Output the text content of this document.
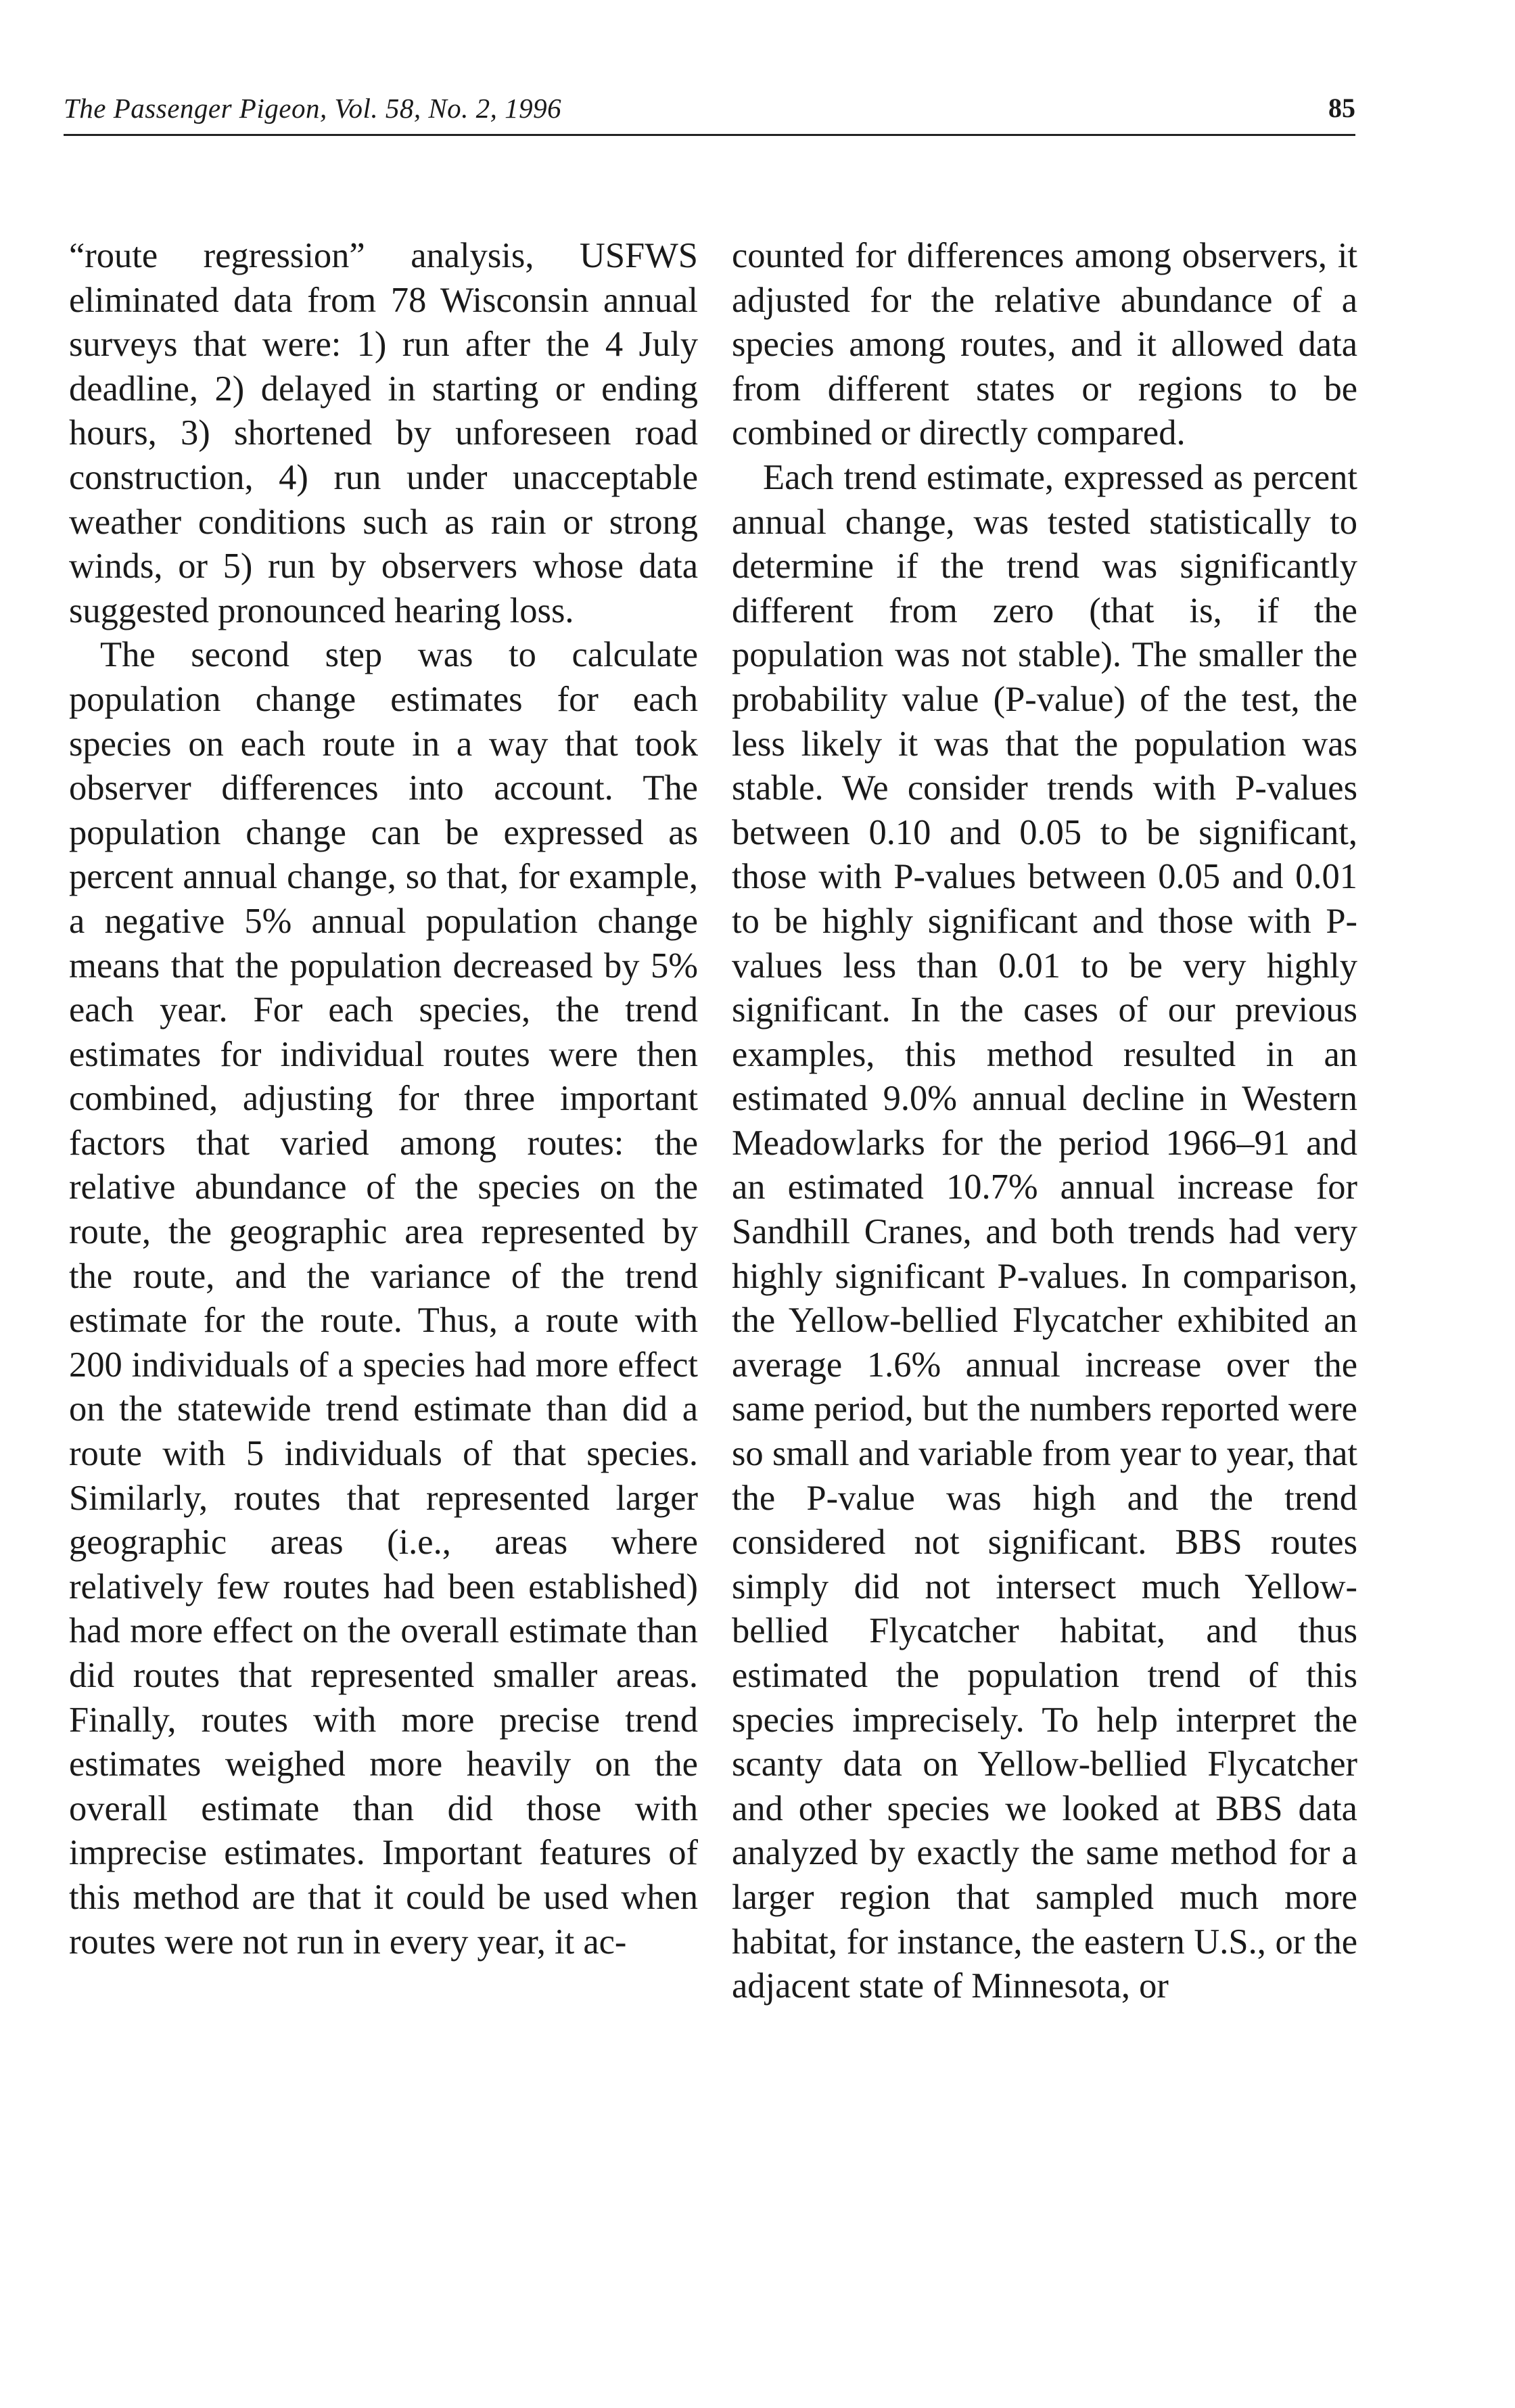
The Passenger Pigeon, Vol. 58, No. 2, 1996	85

“route regression” analysis, USFWS eliminated data from 78 Wisconsin annual surveys that were: 1) run after the 4 July deadline, 2) delayed in starting or ending hours, 3) shortened by unforeseen road construction, 4) run under unacceptable weather conditions such as rain or strong winds, or 5) run by observers whose data suggested pronounced hearing loss.

The second step was to calculate population change estimates for each species on each route in a way that took observer differences into account. The population change can be expressed as percent annual change, so that, for example, a negative 5% annual population change means that the population decreased by 5% each year. For each species, the trend estimates for individual routes were then combined, adjusting for three important factors that varied among routes: the relative abundance of the species on the route, the geographic area represented by the route, and the variance of the trend estimate for the route. Thus, a route with 200 individuals of a species had more effect on the statewide trend estimate than did a route with 5 individuals of that species. Similarly, routes that represented larger geographic areas (i.e., areas where relatively few routes had been established) had more effect on the overall estimate than did routes that represented smaller areas. Finally, routes with more precise trend estimates weighed more heavily on the overall estimate than did those with imprecise estimates. Important features of this method are that it could be used when routes were not run in every year, it ac-

counted for differences among observers, it adjusted for the relative abundance of a species among routes, and it allowed data from different states or regions to be combined or directly compared.

Each trend estimate, expressed as percent annual change, was tested statistically to determine if the trend was significantly different from zero (that is, if the population was not stable). The smaller the probability value (P-value) of the test, the less likely it was that the population was stable. We consider trends with P-values between 0.10 and 0.05 to be significant, those with P-values between 0.05 and 0.01 to be highly significant and those with P-values less than 0.01 to be very highly significant. In the cases of our previous examples, this method resulted in an estimated 9.0% annual decline in Western Meadowlarks for the period 1966–91 and an estimated 10.7% annual increase for Sandhill Cranes, and both trends had very highly significant P-values. In comparison, the Yellow-bellied Flycatcher exhibited an average 1.6% annual increase over the same period, but the numbers reported were so small and variable from year to year, that the P-value was high and the trend considered not significant. BBS routes simply did not intersect much Yellow-bellied Flycatcher habitat, and thus estimated the population trend of this species imprecisely. To help interpret the scanty data on Yellow-bellied Flycatcher and other species we looked at BBS data analyzed by exactly the same method for a larger region that sampled much more habitat, for instance, the eastern U.S., or the adjacent state of Minnesota, or
